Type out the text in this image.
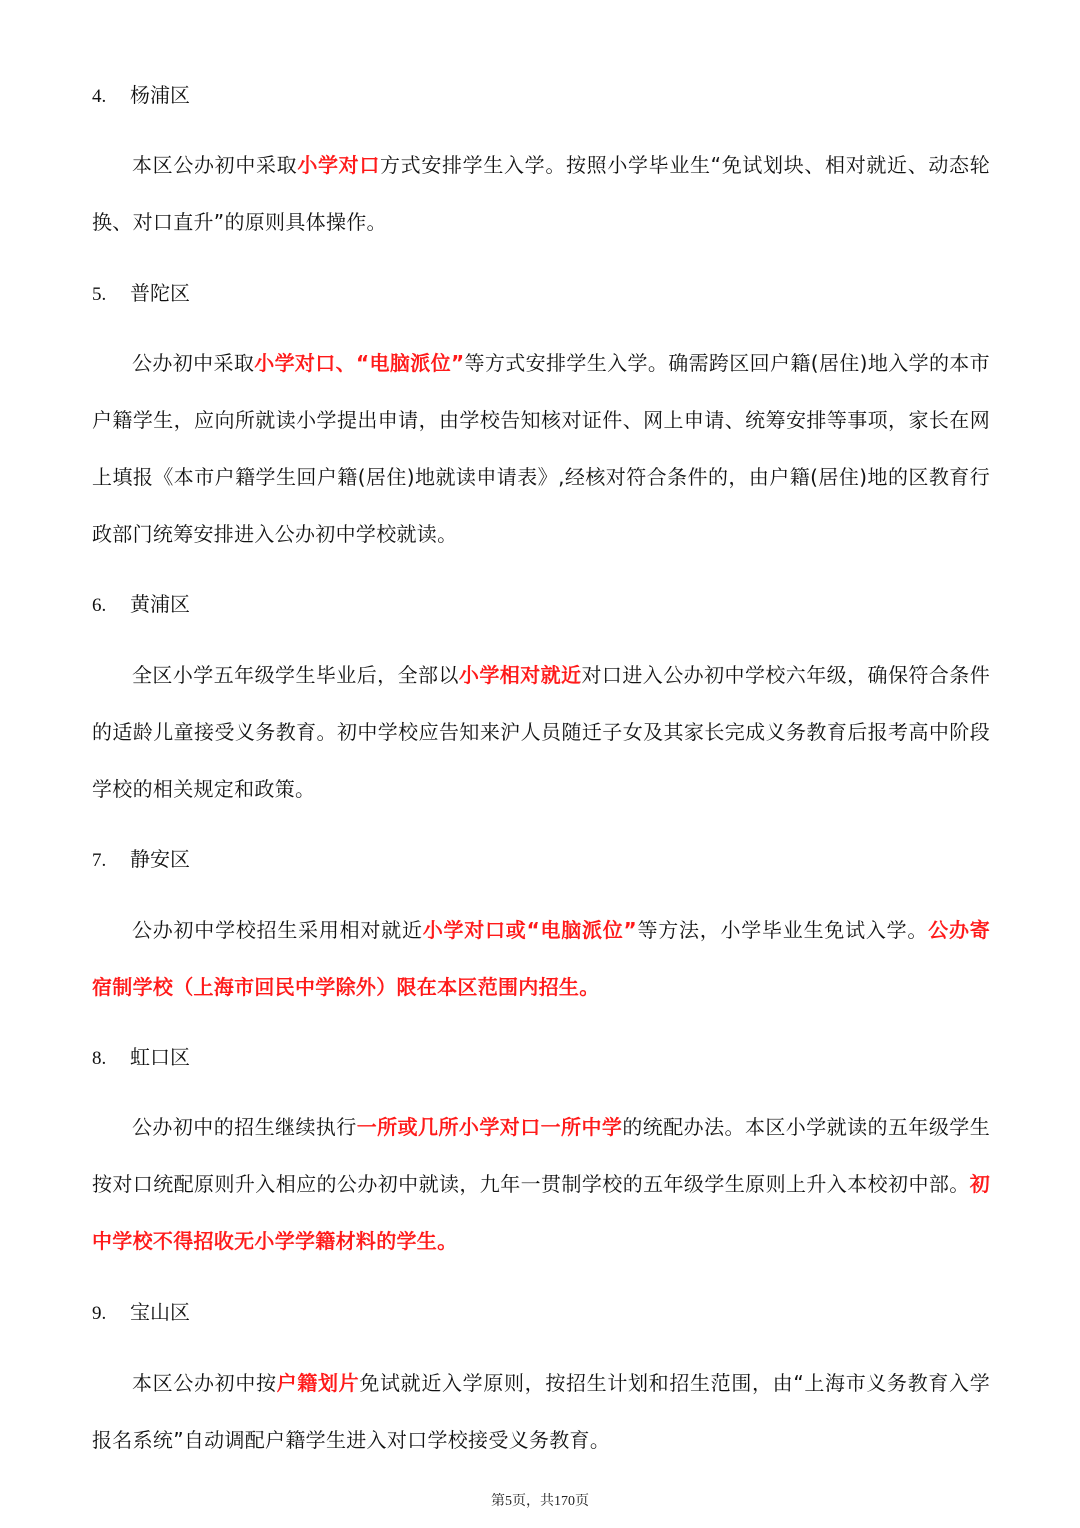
4. 杨浦区
本区公办初中采取小学对口方式安排学生入学。按照小学毕业生“免试划块、相对就近、动态轮换、对口直升”的原则具体操作。
5. 普陀区
公办初中采取小学对口、“电脑派位”等方式安排学生入学。确需跨区回户籍(居住)地入学的本市户籍学生，应向所就读小学提出申请，由学校告知核对证件、网上申请、统筹安排等事项，家长在网上填报《本市户籍学生回户籍(居住)地就读申请表》,经核对符合条件的，由户籍(居住)地的区教育行政部门统筹安排进入公办初中学校就读。
6. 黄浦区
全区小学五年级学生毕业后，全部以小学相对就近对口进入公办初中学校六年级，确保符合条件的适龄儿童接受义务教育。初中学校应告知来沪人员随迁子女及其家长完成义务教育后报考高中阶段学校的相关规定和政策。
7. 静安区
公办初中学校招生采用相对就近小学对口或“电脑派位”等方法，小学毕业生免试入学。公办寄宿制学校（上海市回民中学除外）限在本区范围内招生。
8. 虹口区
公办初中的招生继续执行一所或几所小学对口一所中学的统配办法。本区小学就读的五年级学生按对口统配原则升入相应的公办初中就读，九年一贯制学校的五年级学生原则上升入本校初中部。初中学校不得招收无小学学籍材料的学生。
9. 宝山区
本区公办初中按户籍划片免试就近入学原则，按招生计划和招生范围，由“上海市义务教育入学报名系统”自动调配户籍学生进入对口学校接受义务教育。
第5页，共170页
